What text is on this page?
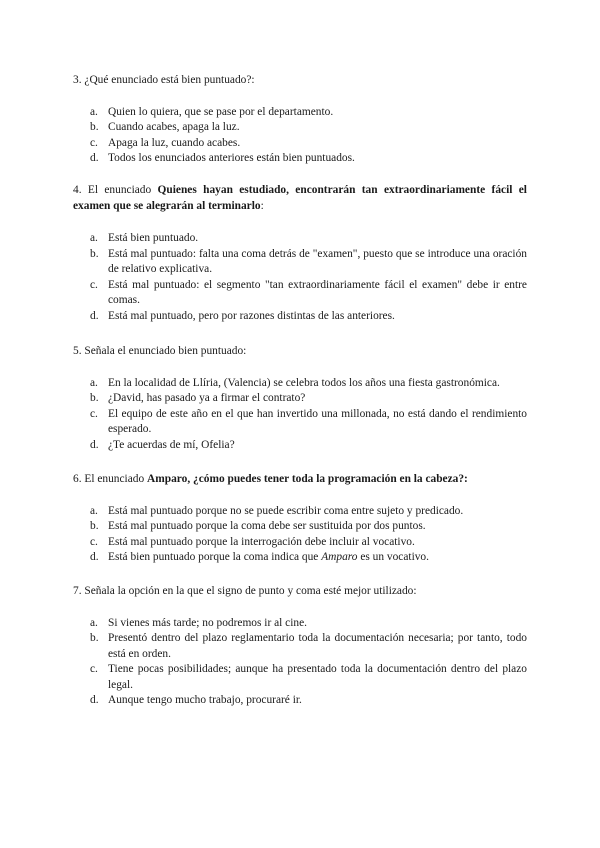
3. ¿Qué enunciado está bien puntuado?:

a. Quien lo quiera, que se pase por el departamento.
b. Cuando acabes, apaga la luz.
c. Apaga la luz, cuando acabes.
d. Todos los enunciados anteriores están bien puntuados.

4. El enunciado Quienes hayan estudiado, encontrarán tan extraordinariamente fácil el examen que se alegrarán al terminarlo:

a. Está bien puntuado.
b. Está mal puntuado: falta una coma detrás de "examen", puesto que se introduce una oración de relativo explicativa.
c. Está mal puntuado: el segmento "tan extraordinariamente fácil el examen" debe ir entre comas.
d. Está mal puntuado, pero por razones distintas de las anteriores.

5. Señala el enunciado bien puntuado:

a. En la localidad de Llíria, (Valencia) se celebra todos los años una fiesta gastronómica.
b. ¿David, has pasado ya a firmar el contrato?
c. El equipo de este año en el que han invertido una millonada, no está dando el rendimiento esperado.
d. ¿Te acuerdas de mí, Ofelia?

6. El enunciado Amparo, ¿cómo puedes tener toda la programación en la cabeza?:

a. Está mal puntuado porque no se puede escribir coma entre sujeto y predicado.
b. Está mal puntuado porque la coma debe ser sustituida por dos puntos.
c. Está mal puntuado porque la interrogación debe incluir al vocativo.
d. Está bien puntuado porque la coma indica que Amparo es un vocativo.

7. Señala la opción en la que el signo de punto y coma esté mejor utilizado:

a. Si vienes más tarde; no podremos ir al cine.
b. Presentó dentro del plazo reglamentario toda la documentación necesaria; por tanto, todo está en orden.
c. Tiene pocas posibilidades; aunque ha presentado toda la documentación dentro del plazo legal.
d. Aunque tengo mucho trabajo, procuraré ir.
